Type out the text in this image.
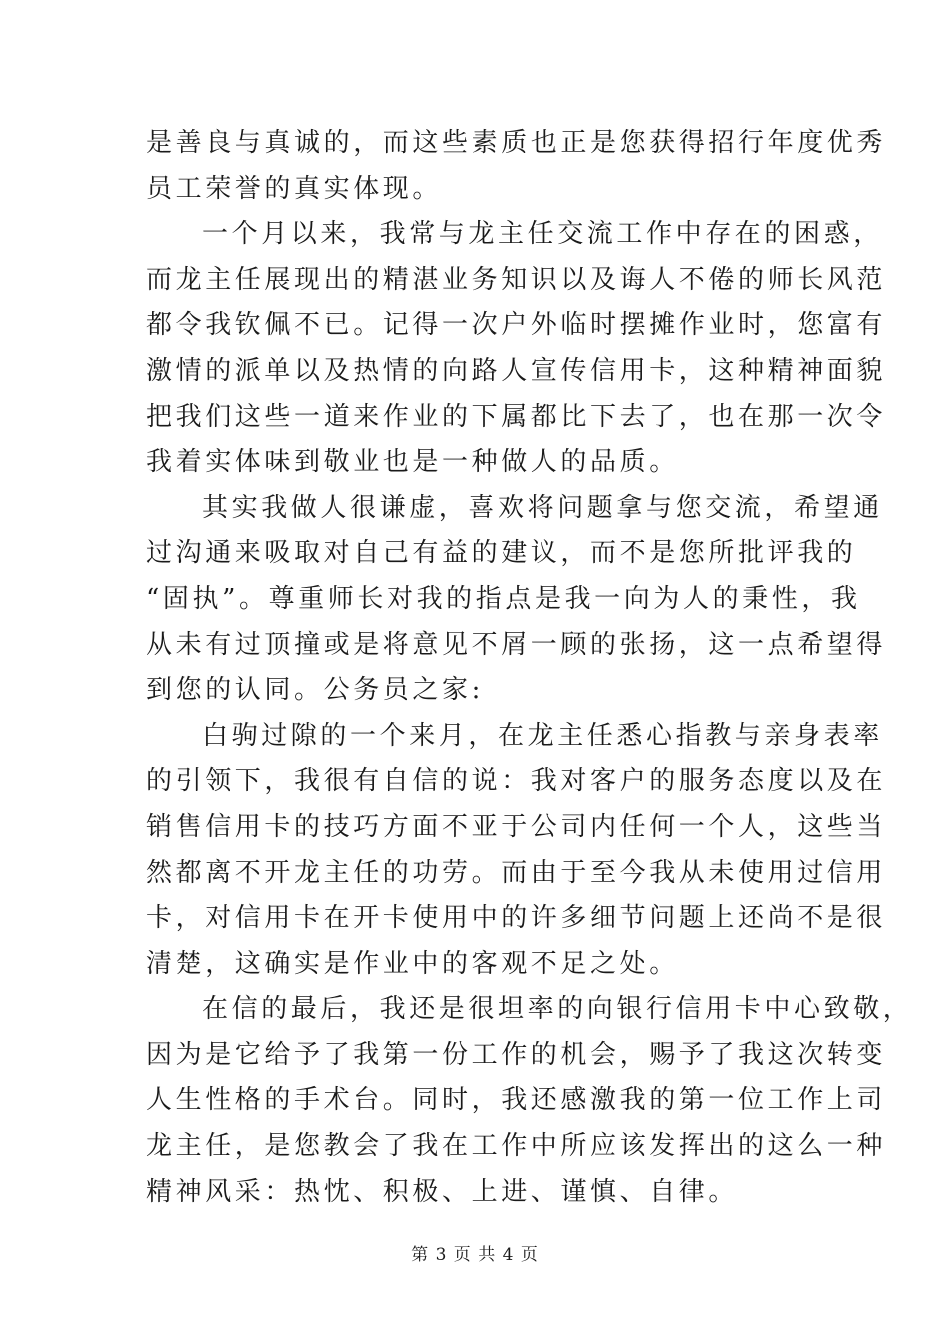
是善良与真诚的，而这些素质也正是您获得招行年度优秀
员工荣誉的真实体现。
一个月以来，我常与龙主任交流工作中存在的困惑，
而龙主任展现出的精湛业务知识以及诲人不倦的师长风范
都令我钦佩不已。记得一次户外临时摆摊作业时，您富有
激情的派单以及热情的向路人宣传信用卡，这种精神面貌
把我们这些一道来作业的下属都比下去了，也在那一次令
我着实体味到敬业也是一种做人的品质。
其实我做人很谦虚，喜欢将问题拿与您交流，希望通
过沟通来吸取对自己有益的建议，而不是您所批评我的
“固执”。尊重师长对我的指点是我一向为人的秉性，我
从未有过顶撞或是将意见不屑一顾的张扬，这一点希望得
到您的认同。公务员之家:
白驹过隙的一个来月，在龙主任悉心指教与亲身表率
的引领下，我很有自信的说：我对客户的服务态度以及在
销售信用卡的技巧方面不亚于公司内任何一个人，这些当
然都离不开龙主任的功劳。而由于至今我从未使用过信用
卡，对信用卡在开卡使用中的许多细节问题上还尚不是很
清楚，这确实是作业中的客观不足之处。
在信的最后，我还是很坦率的向银行信用卡中心致敬，
因为是它给予了我第一份工作的机会，赐予了我这次转变
人生性格的手术台。同时，我还感激我的第一位工作上司
龙主任，是您教会了我在工作中所应该发挥出的这么一种
精神风采：热忱、积极、上进、谨慎、自律。
第 3 页 共 4 页
